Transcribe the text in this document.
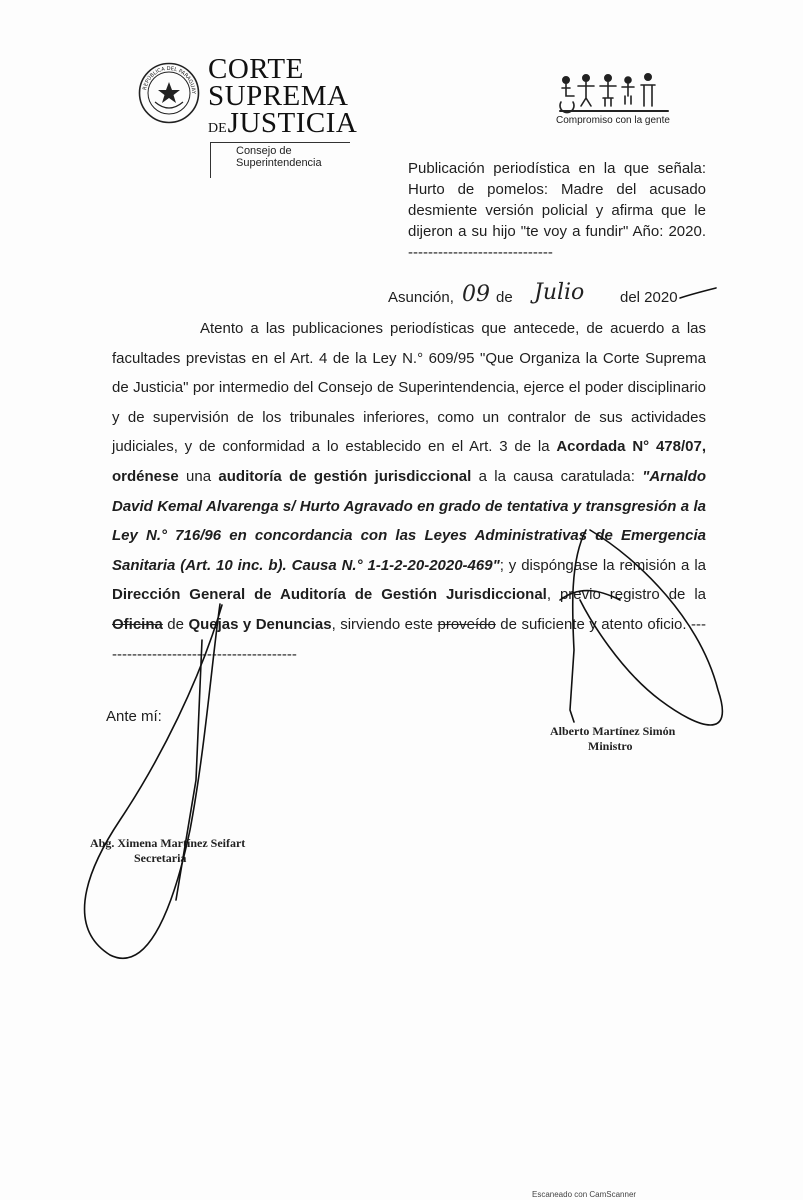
REPÚBLICA DEL PARAGUAY
CORTE
SUPREMA
DEJUSTICIA
Consejo de
Superintendencia
Compromiso con la gente
Publicación periodística en la que señala: Hurto de pomelos: Madre del acusado desmiente versión policial y afirma que le dijeron a su hijo "te voy a fundir" Año: 2020. -----------------------------
Asunción, 09 de Julio del 2020

Atento a las publicaciones periodísticas que antecede, de acuerdo a las facultades previstas en el Art. 4 de la Ley N.° 609/95 "Que Organiza la Corte Suprema de Justicia" por intermedio del Consejo de Superintendencia, ejerce el poder disciplinario y de supervisión de los tribunales inferiores, como un contralor de sus actividades judiciales, y de conformidad a lo establecido en el Art. 3 de la Acordada N° 478/07, ordénese una auditoría de gestión jurisdiccional a la causa caratulada: "Arnaldo David Kemal Alvarenga s/ Hurto Agravado en grado de tentativa y transgresión a la Ley N.° 716/96 en concordancia con las Leyes Administrativas de Emergencia Sanitaria (Art. 10 inc. b). Causa N.° 1-1-2-20-2020-469"; y dispóngase la remisión a la Dirección General de Auditoría de Gestión Jurisdiccional, previo registro de la Oficina de Quejas y Denuncias, sirviendo este proveído de suficiente y atento oficio. ----------------------------------------

Ante mí:
Alberto Martínez Simón
Ministro
Abg. Ximena Martínez Seifart
Secretaria
Escaneado con CamScanner
